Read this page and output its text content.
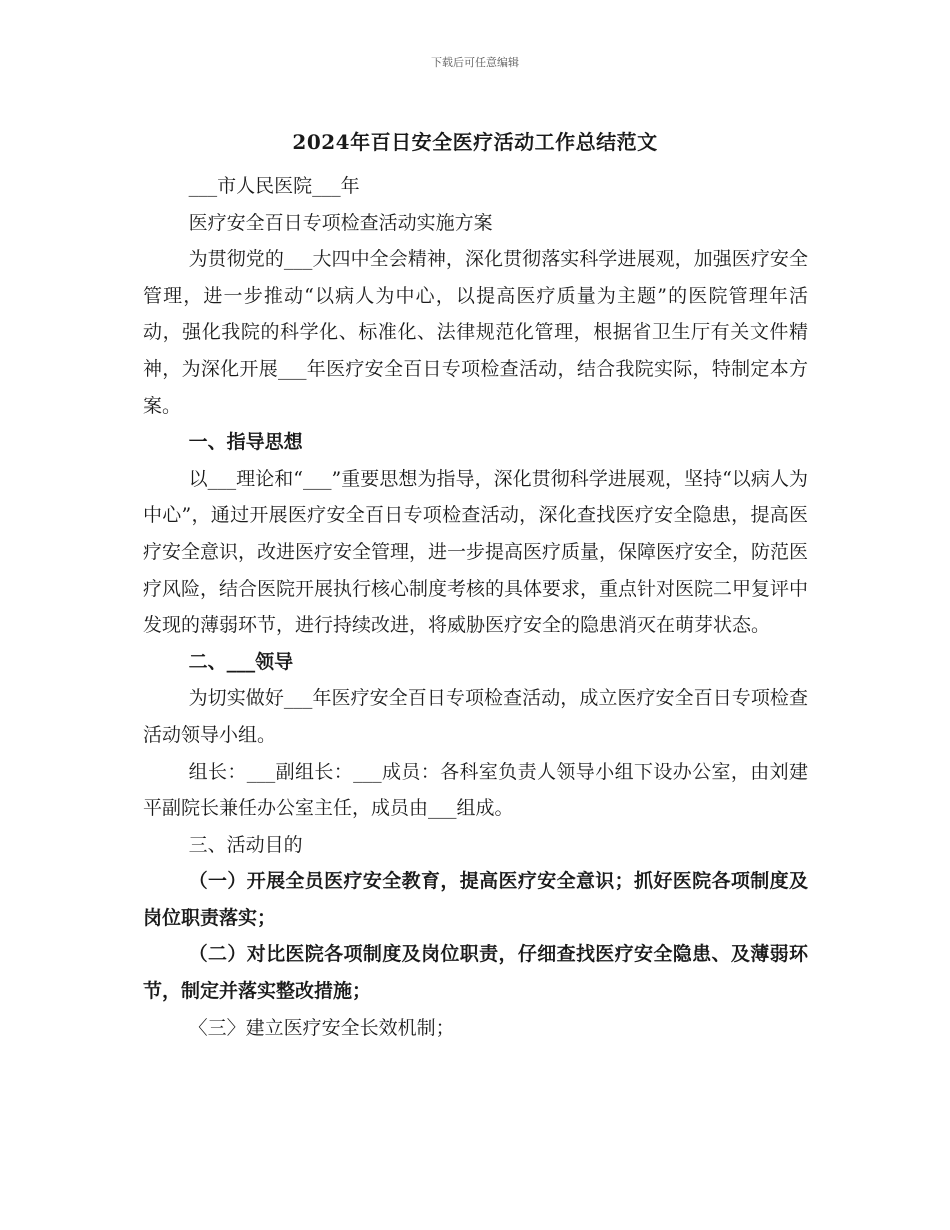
下载后可任意编辑
2024年百日安全医疗活动工作总结范文

___市人民医院___年

医疗安全百日专项检查活动实施方案

为贯彻党的___大四中全会精神，深化贯彻落实科学进展观，加强医疗安全管理，进一步推动“以病人为中心，以提高医疗质量为主题”的医院管理年活动，强化我院的科学化、标准化、法律规范化管理，根据省卫生厅有关文件精神，为深化开展___年医疗安全百日专项检查活动，结合我院实际，特制定本方案。

一、指导思想

以___理论和“___”重要思想为指导，深化贯彻科学进展观，坚持“以病人为中心”，通过开展医疗安全百日专项检查活动，深化查找医疗安全隐患，提高医疗安全意识，改进医疗安全管理，进一步提高医疗质量，保障医疗安全，防范医疗风险，结合医院开展执行核心制度考核的具体要求，重点针对医院二甲复评中发现的薄弱环节，进行持续改进，将威胁医疗安全的隐患消灭在萌芽状态。

二、___领导

为切实做好___年医疗安全百日专项检查活动，成立医疗安全百日专项检查活动领导小组。

组长：___副组长：___成员：各科室负责人领导小组下设办公室，由刘建平副院长兼任办公室主任，成员由___组成。

三、活动目的

（一）开展全员医疗安全教育，提高医疗安全意识；抓好医院各项制度及岗位职责落实；

（二）对比医院各项制度及岗位职责，仔细查找医疗安全隐患、及薄弱环节，制定并落实整改措施；

〈三〉建立医疗安全长效机制；
